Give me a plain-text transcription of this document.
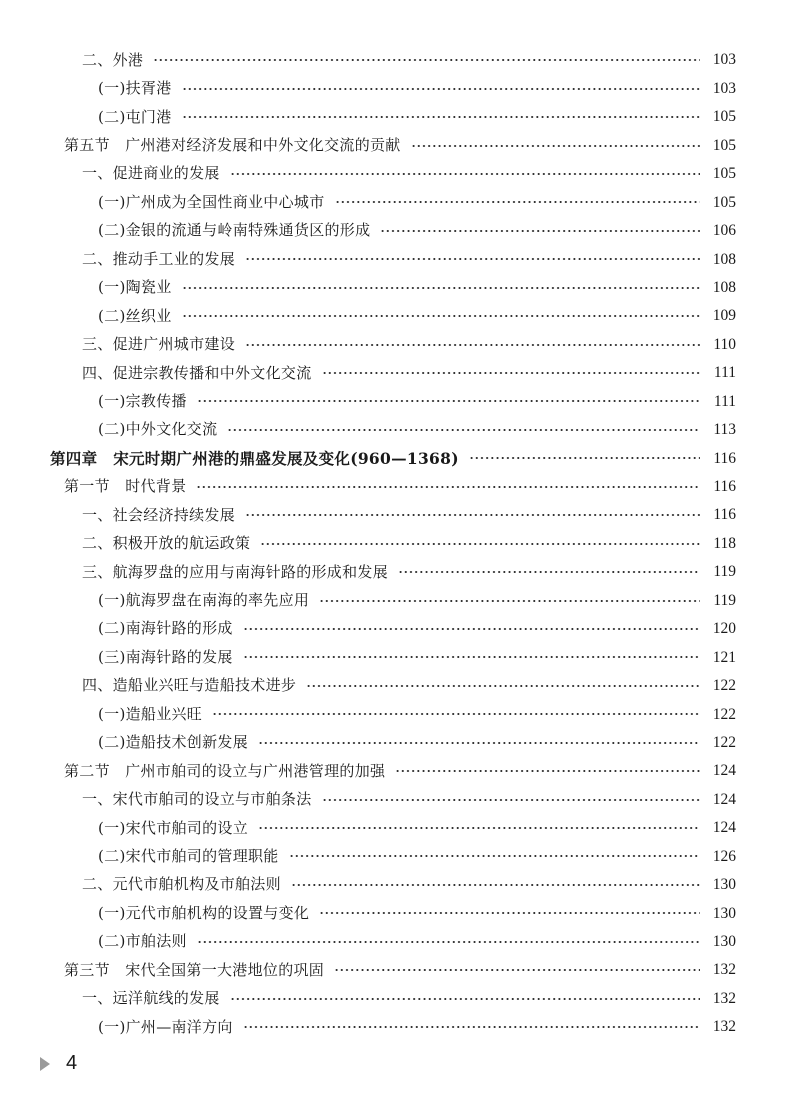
二、外港	103
(一)扶胥港	103
(二)屯门港	105
第五节　广州港对经济发展和中外文化交流的贡献	105
一、促进商业的发展	105
(一)广州成为全国性商业中心城市	105
(二)金银的流通与岭南特殊通货区的形成	106
二、推动手工业的发展	108
(一)陶瓷业	108
(二)丝织业	109
三、促进广州城市建设	110
四、促进宗教传播和中外文化交流	111
(一)宗教传播	111
(二)中外文化交流	113
第四章　宋元时期广州港的鼎盛发展及变化(960—1368)	116
第一节　时代背景	116
一、社会经济持续发展	116
二、积极开放的航运政策	118
三、航海罗盘的应用与南海针路的形成和发展	119
(一)航海罗盘在南海的率先应用	119
(二)南海针路的形成	120
(三)南海针路的发展	121
四、造船业兴旺与造船技术进步	122
(一)造船业兴旺	122
(二)造船技术创新发展	122
第二节　广州市舶司的设立与广州港管理的加强	124
一、宋代市舶司的设立与市舶条法	124
(一)宋代市舶司的设立	124
(二)宋代市舶司的管理职能	126
二、元代市舶机构及市舶法则	130
(一)元代市舶机构的设置与变化	130
(二)市舶法则	130
第三节　宋代全国第一大港地位的巩固	132
一、远洋航线的发展	132
(一)广州—南洋方向	132
4
